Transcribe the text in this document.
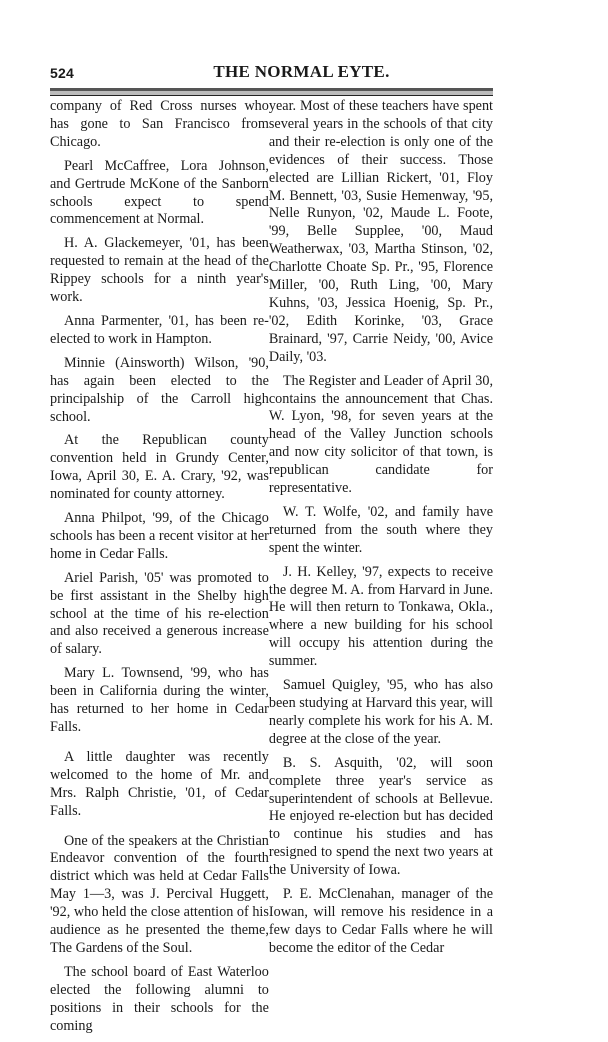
524	THE NORMAL EYTE.

company of Red Cross nurses who has gone to San Francisco from Chicago.

Pearl McCaffree, Lora Johnson, and Gertrude McKone of the Sanborn schools expect to spend commencement at Normal.

H. A. Glackemeyer, '01, has been requested to remain at the head of the Rippey schools for a ninth year's work.

Anna Parmenter, '01, has been re-elected to work in Hampton.

Minnie (Ainsworth) Wilson, '90, has again been elected to the principalship of the Carroll high school.

At the Republican county convention held in Grundy Center, Iowa, April 30, E. A. Crary, '92, was nominated for county attorney.

Anna Philpot, '99, of the Chicago schools has been a recent visitor at her home in Cedar Falls.

Ariel Parish, '05' was promoted to be first assistant in the Shelby high school at the time of his re-election and also received a generous increase of salary.

Mary L. Townsend, '99, who has been in California during the winter, has returned to her home in Cedar Falls.

A little daughter was recently welcomed to the home of Mr. and Mrs. Ralph Christie, '01, of Cedar Falls.

One of the speakers at the Christian Endeavor convention of the fourth district which was held at Cedar Falls May 1—3, was J. Percival Huggett, '92, who held the close attention of his audience as he presented the theme, The Gardens of the Soul.

The school board of East Waterloo elected the following alumni to positions in their schools for the coming

year. Most of these teachers have spent several years in the schools of that city and their re-election is only one of the evidences of their success. Those elected are Lillian Rickert, '01, Floy M. Bennett, '03, Susie Hemenway, '95, Nelle Runyon, '02, Maude L. Foote, '99, Belle Supplee, '00, Maud Weatherwax, '03, Martha Stinson, '02, Charlotte Choate Sp. Pr., '95, Florence Miller, '00, Ruth Ling, '00, Mary Kuhns, '03, Jessica Hoenig, Sp. Pr., '02, Edith Korinke, '03, Grace Brainard, '97, Carrie Neidy, '00, Avice Daily, '03.

The Register and Leader of April 30, contains the announcement that Chas. W. Lyon, '98, for seven years at the head of the Valley Junction schools and now city solicitor of that town, is republican candidate for representative.

W. T. Wolfe, '02, and family have returned from the south where they spent the winter.

J. H. Kelley, '97, expects to receive the degree M. A. from Harvard in June. He will then return to Tonkawa, Okla., where a new building for his school will occupy his attention during the summer.

Samuel Quigley, '95, who has also been studying at Harvard this year, will nearly complete his work for his A. M. degree at the close of the year.

B. S. Asquith, '02, will soon complete three year's service as superintendent of schools at Bellevue. He enjoyed re-election but has decided to continue his studies and has resigned to spend the next two years at the University of Iowa.

P. E. McClenahan, manager of the Iowan, will remove his residence in a few days to Cedar Falls where he will become the editor of the Cedar
